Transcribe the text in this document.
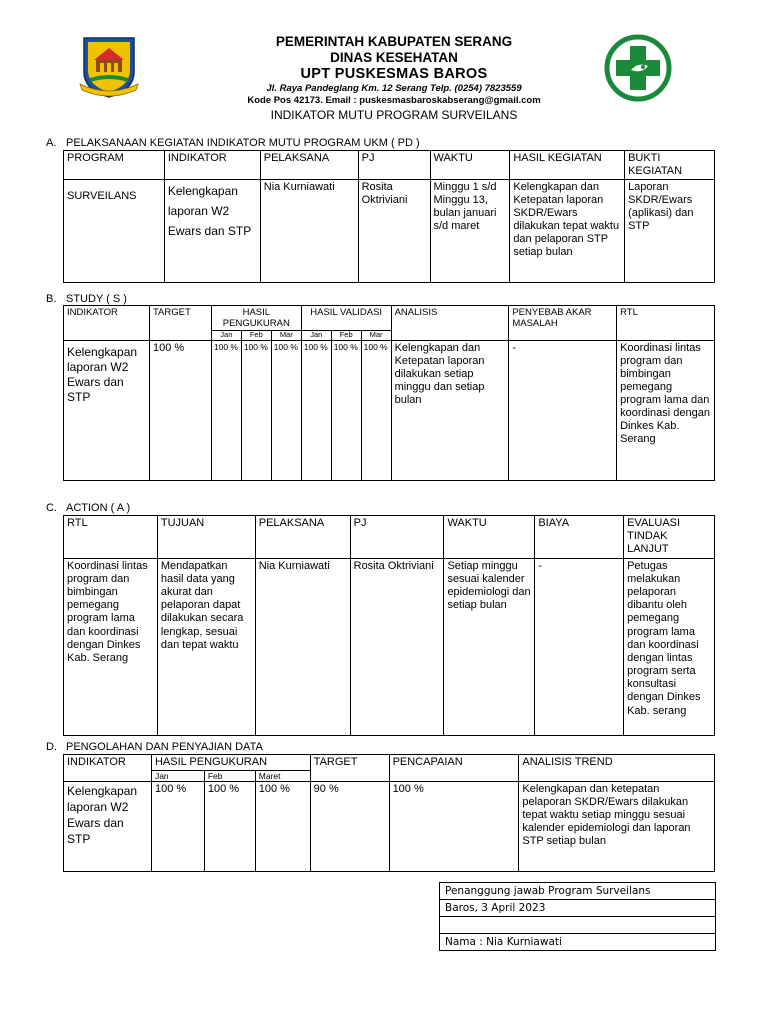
PEMERINTAH KABUPATEN SERANG
DINAS KESEHATAN
UPT PUSKESMAS BAROS
Jl. Raya Pandeglang Km. 12 Serang Telp. (0254) 7823559
Kode Pos 42173. Email : puskesmasbaroskabserang@gmail.com
INDIKATOR MUTU PROGRAM SURVEILANS
A. PELAKSANAAN KEGIATAN INDIKATOR MUTU PROGRAM UKM ( PD )
PROGRAM	INDIKATOR	PELAKSANA	PJ	WAKTU	HASIL KEGIATAN	BUKTI KEGIATAN
SURVEILANS	Kelengkapan laporan W2 Ewars dan STP	Nia Kurniawati	Rosita Oktriviani	Minggu 1 s/d Minggu 13, bulan januari s/d maret	Kelengkapan dan Ketepatan laporan SKDR/Ewars dilakukan tepat waktu dan pelaporan STP setiap bulan	Laporan SKDR/Ewars (aplikasi) dan STP
B. STUDY ( S )
INDIKATOR	TARGET	HASIL PENGUKURAN			HASIL VALIDASI			ANALISIS	PENYEBAB AKAR MASALAH	RTL
		Jan	Feb	Mar	Jan	Feb	Mar			
Kelengkapan laporan W2 Ewars dan STP	100 %	100 %	100 %	100 %	100 %	100 %	100 %	Kelengkapan dan Ketepatan laporan dilakukan setiap minggu dan setiap bulan	-	Koordinasi lintas program dan bimbingan pemegang program lama dan koordinasi dengan Dinkes Kab. Serang
C. ACTION ( A )
RTL	TUJUAN	PELAKSANA	PJ	WAKTU	BIAYA	EVALUASI TINDAK LANJUT
Koordinasi lintas program dan bimbingan pemegang program lama dan koordinasi dengan Dinkes Kab. Serang	Mendapatkan hasil data yang akurat dan pelaporan dapat dilakukan secara lengkap, sesuai dan tepat waktu	Nia Kurniawati	Rosita Oktriviani	Setiap minggu sesuai kalender epidemiologi dan setiap bulan	-	Petugas melakukan pelaporan dibantu oleh pemegang program lama dan koordinasi dengan lintas program serta konsultasi dengan Dinkes Kab. serang
D. PENGOLAHAN DAN PENYAJIAN DATA
INDIKATOR	HASIL PENGUKURAN			TARGET	PENCAPAIAN	ANALISIS TREND
	Jan	Feb	Maret			
Kelengkapan laporan W2 Ewars dan STP	100 %	100 %	100 %	90 %	100 %	Kelengkapan dan ketepatan pelaporan SKDR/Ewars dilakukan tepat waktu setiap minggu sesuai kalender epidemiologi dan laporan STP setiap bulan
Penanggung jawab Program Surveilans
Baros, 3 April 2023

Nama : Nia Kurniawati
